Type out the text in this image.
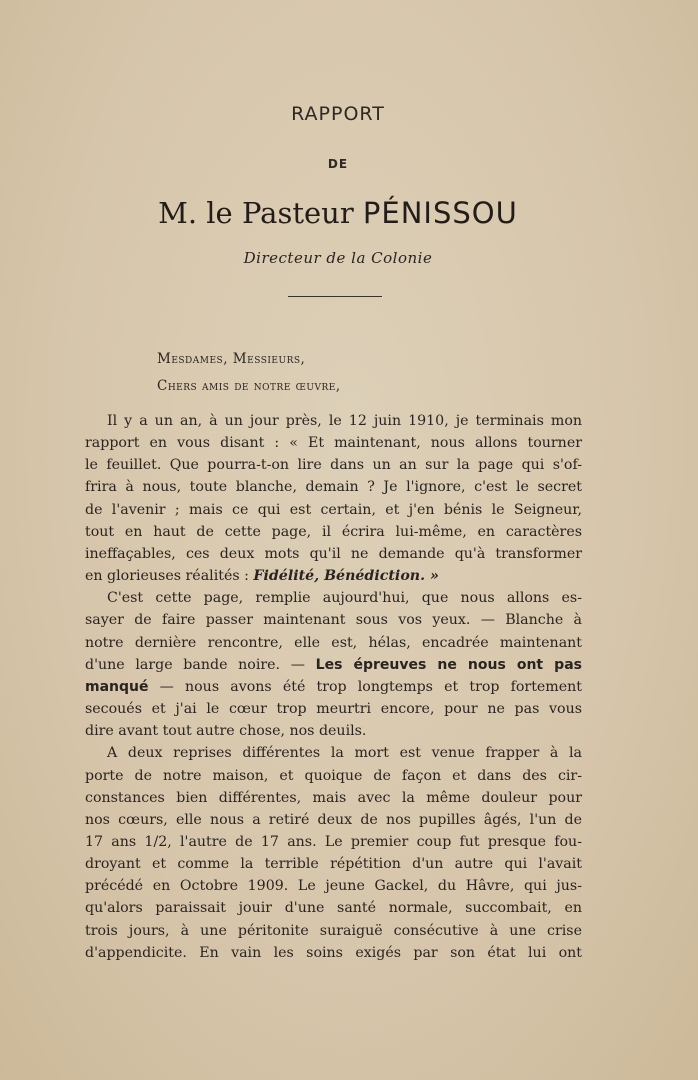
RAPPORT
DE
M. le Pasteur PÉNISSOU
Directeur de la Colonie
Mesdames, Messieurs,
Chers amis de notre œuvre,
Il y a un an, à un jour près, le 12 juin 1910, je terminais mon
rapport en vous disant : « Et maintenant, nous allons tourner
le feuillet. Que pourra-t-on lire dans un an sur la page qui s'of-
frira à nous, toute blanche, demain ? Je l'ignore, c'est le secret
de l'avenir ; mais ce qui est certain, et j'en bénis le Seigneur,
tout en haut de cette page, il écrira lui-même, en caractères
ineffaçables, ces deux mots qu'il ne demande qu'à transformer
en glorieuses réalités : Fidélité, Bénédiction. »
C'est cette page, remplie aujourd'hui, que nous allons es-
sayer de faire passer maintenant sous vos yeux. — Blanche à
notre dernière rencontre, elle est, hélas, encadrée maintenant
d'une large bande noire. — Les épreuves ne nous ont pas
manqué — nous avons été trop longtemps et trop fortement
secoués et j'ai le cœur trop meurtri encore, pour ne pas vous
dire avant tout autre chose, nos deuils.
A deux reprises différentes la mort est venue frapper à la
porte de notre maison, et quoique de façon et dans des cir-
constances bien différentes, mais avec la même douleur pour
nos cœurs, elle nous a retiré deux de nos pupilles âgés, l'un de
17 ans 1/2, l'autre de 17 ans. Le premier coup fut presque fou-
droyant et comme la terrible répétition d'un autre qui l'avait
précédé en Octobre 1909. Le jeune Gackel, du Hâvre, qui jus-
qu'alors paraissait jouir d'une santé normale, succombait, en
trois jours, à une péritonite suraiguë consécutive à une crise
d'appendicite. En vain les soins exigés par son état lui ont
